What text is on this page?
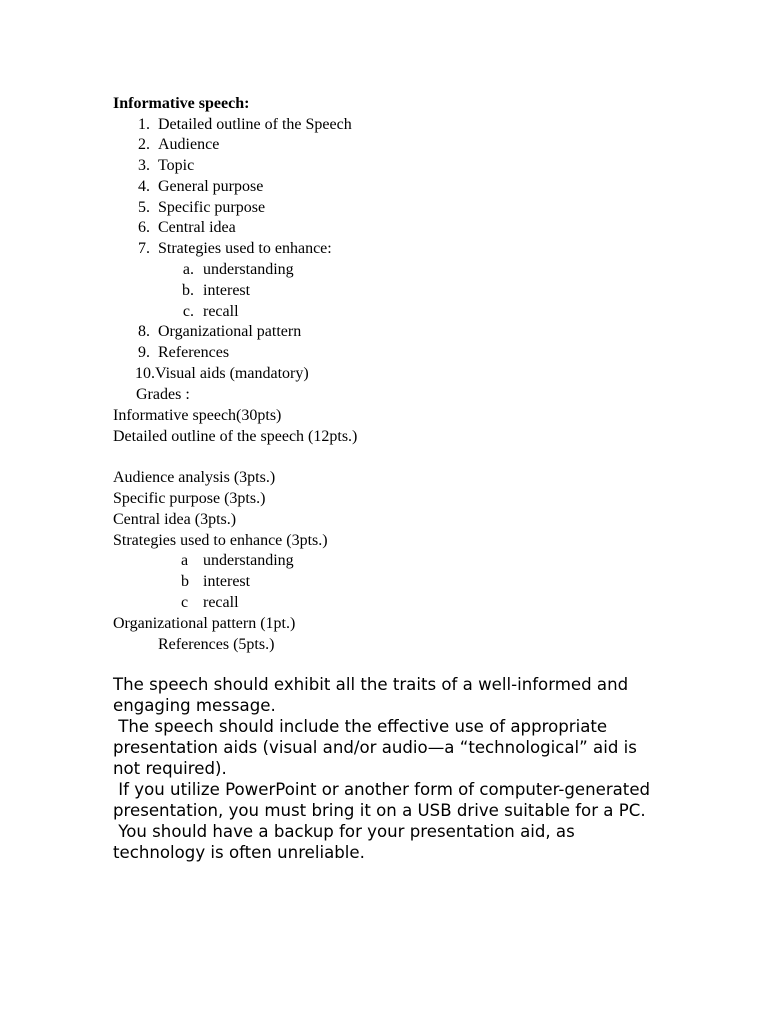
Informative speech:
1. Detailed outline of the Speech
2. Audience
3. Topic
4. General purpose
5. Specific purpose
6. Central idea
7. Strategies used to enhance:
a. understanding
b. interest
c. recall
8. Organizational pattern
9. References
10.Visual aids (mandatory)
Grades :
Informative speech(30pts)
Detailed outline of the speech (12pts.)
Audience analysis (3pts.)
Specific purpose (3pts.)
Central idea (3pts.)
Strategies used to enhance (3pts.)
a understanding
b interest
c recall
Organizational pattern (1pt.)
References (5pts.)

The speech should exhibit all the traits of a well-informed and engaging message.

The speech should include the effective use of appropriate presentation aids (visual and/or audio—a “technological” aid is not required).

If you utilize PowerPoint or another form of computer-generated presentation, you must bring it on a USB drive suitable for a PC.

You should have a backup for your presentation aid, as technology is often unreliable.
